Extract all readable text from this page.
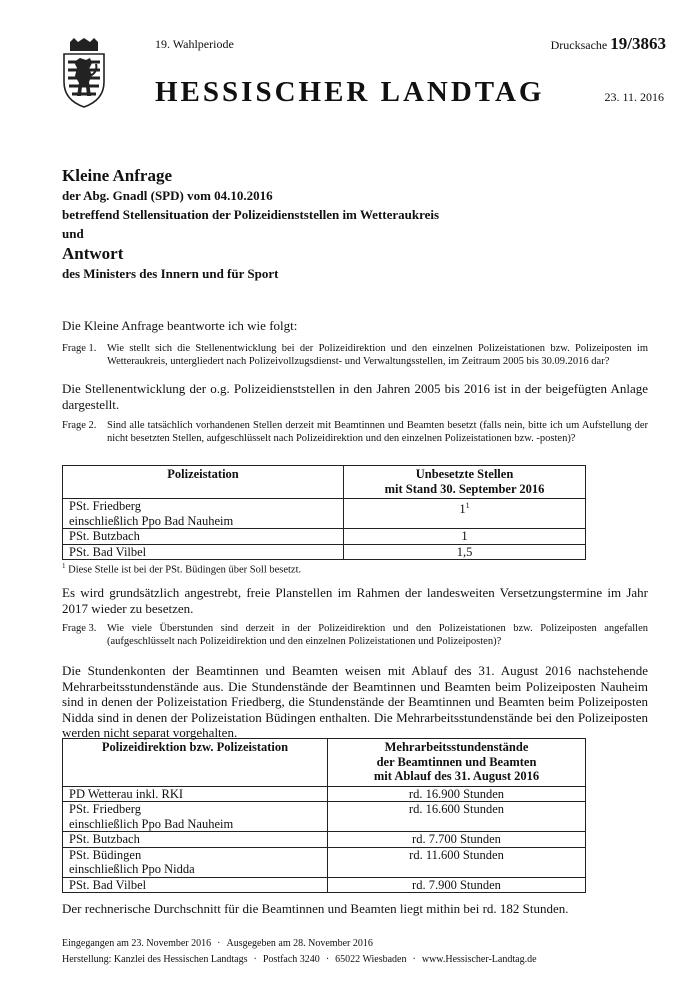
19. Wahlperiode
HESSISCHER LANDTAG
Drucksache 19/3863
23. 11. 2016
Kleine Anfrage
der Abg. Gnadl (SPD) vom 04.10.2016
betreffend Stellensituation der Polizeidienststellen im Wetteraukreis
und
Antwort
des Ministers des Innern und für Sport
Die Kleine Anfrage beantworte ich wie folgt:
Frage 1.	Wie stellt sich die Stellenentwicklung bei der Polizeidirektion und den einzelnen Polizeistationen bzw. Polizeiposten im Wetteraukreis, untergliedert nach Polizeivollzugsdienst- und Verwaltungsstellen, im Zeitraum 2005 bis 30.09.2016 dar?
Die Stellenentwicklung der o.g. Polizeidienststellen in den Jahren 2005 bis 2016 ist in der beigefügten Anlage dargestellt.
Frage 2.	Sind alle tatsächlich vorhandenen Stellen derzeit mit Beamtinnen und Beamten besetzt (falls nein, bitte ich um Aufstellung der nicht besetzten Stellen, aufgeschlüsselt nach Polizeidirektion und den einzelnen Polizeistationen bzw. -posten)?
Polizeistation	Unbesetzte Stellen
mit Stand 30. September 2016

PSt. Friedberg
einschließlich Ppo Bad Nauheim	$1^1$
PSt. Butzbach	1
PSt. Bad Vilbel	1,5
$^1$ Diese Stelle ist bei der PSt. Büdingen über Soll besetzt.
Es wird grundsätzlich angestrebt, freie Planstellen im Rahmen der landesweiten Versetzungstermine im Jahr 2017 wieder zu besetzen.
Frage 3.	Wie viele Überstunden sind derzeit in der Polizeidirektion und den Polizeistationen bzw. Polizeiposten angefallen (aufgeschlüsselt nach Polizeidirektion und den einzelnen Polizeistationen und Polizeiposten)?
Die Stundenkonten der Beamtinnen und Beamten weisen mit Ablauf des 31. August 2016 nachstehende Mehrarbeitsstundenstände aus. Die Stundenstände der Beamtinnen und Beamten beim Polizeiposten Nauheim sind in denen der Polizeistation Friedberg, die Stundenstände der Beamtinnen und Beamten beim Polizeiposten Nidda sind in denen der Polizeistation Büdingen enthalten. Die Mehrarbeitsstundenstände bei den Polizeiposten werden nicht separat vorgehalten.
Polizeidirektion bzw. Polizeistation	Mehrarbeitsstundenstände
der Beamtinnen und Beamten
mit Ablauf des 31. August 2016

PD Wetterau inkl. RKI	rd. 16.900 Stunden

PSt. Friedberg
einschließlich Ppo Bad Nauheim	rd. 16.600 Stunden
PSt. Butzbach	rd. 7.700 Stunden

PSt. Büdingen
einschließlich Ppo Nidda	rd. 11.600 Stunden
PSt. Bad Vilbel	rd. 7.900 Stunden
Der rechnerische Durchschnitt für die Beamtinnen und Beamten liegt mithin bei rd. 182 Stunden.
Eingegangen am 23. November 2016 · Ausgegeben am 28. November 2016
Herstellung: Kanzlei des Hessischen Landtags · Postfach 3240 · 65022 Wiesbaden · www.Hessischer-Landtag.de
